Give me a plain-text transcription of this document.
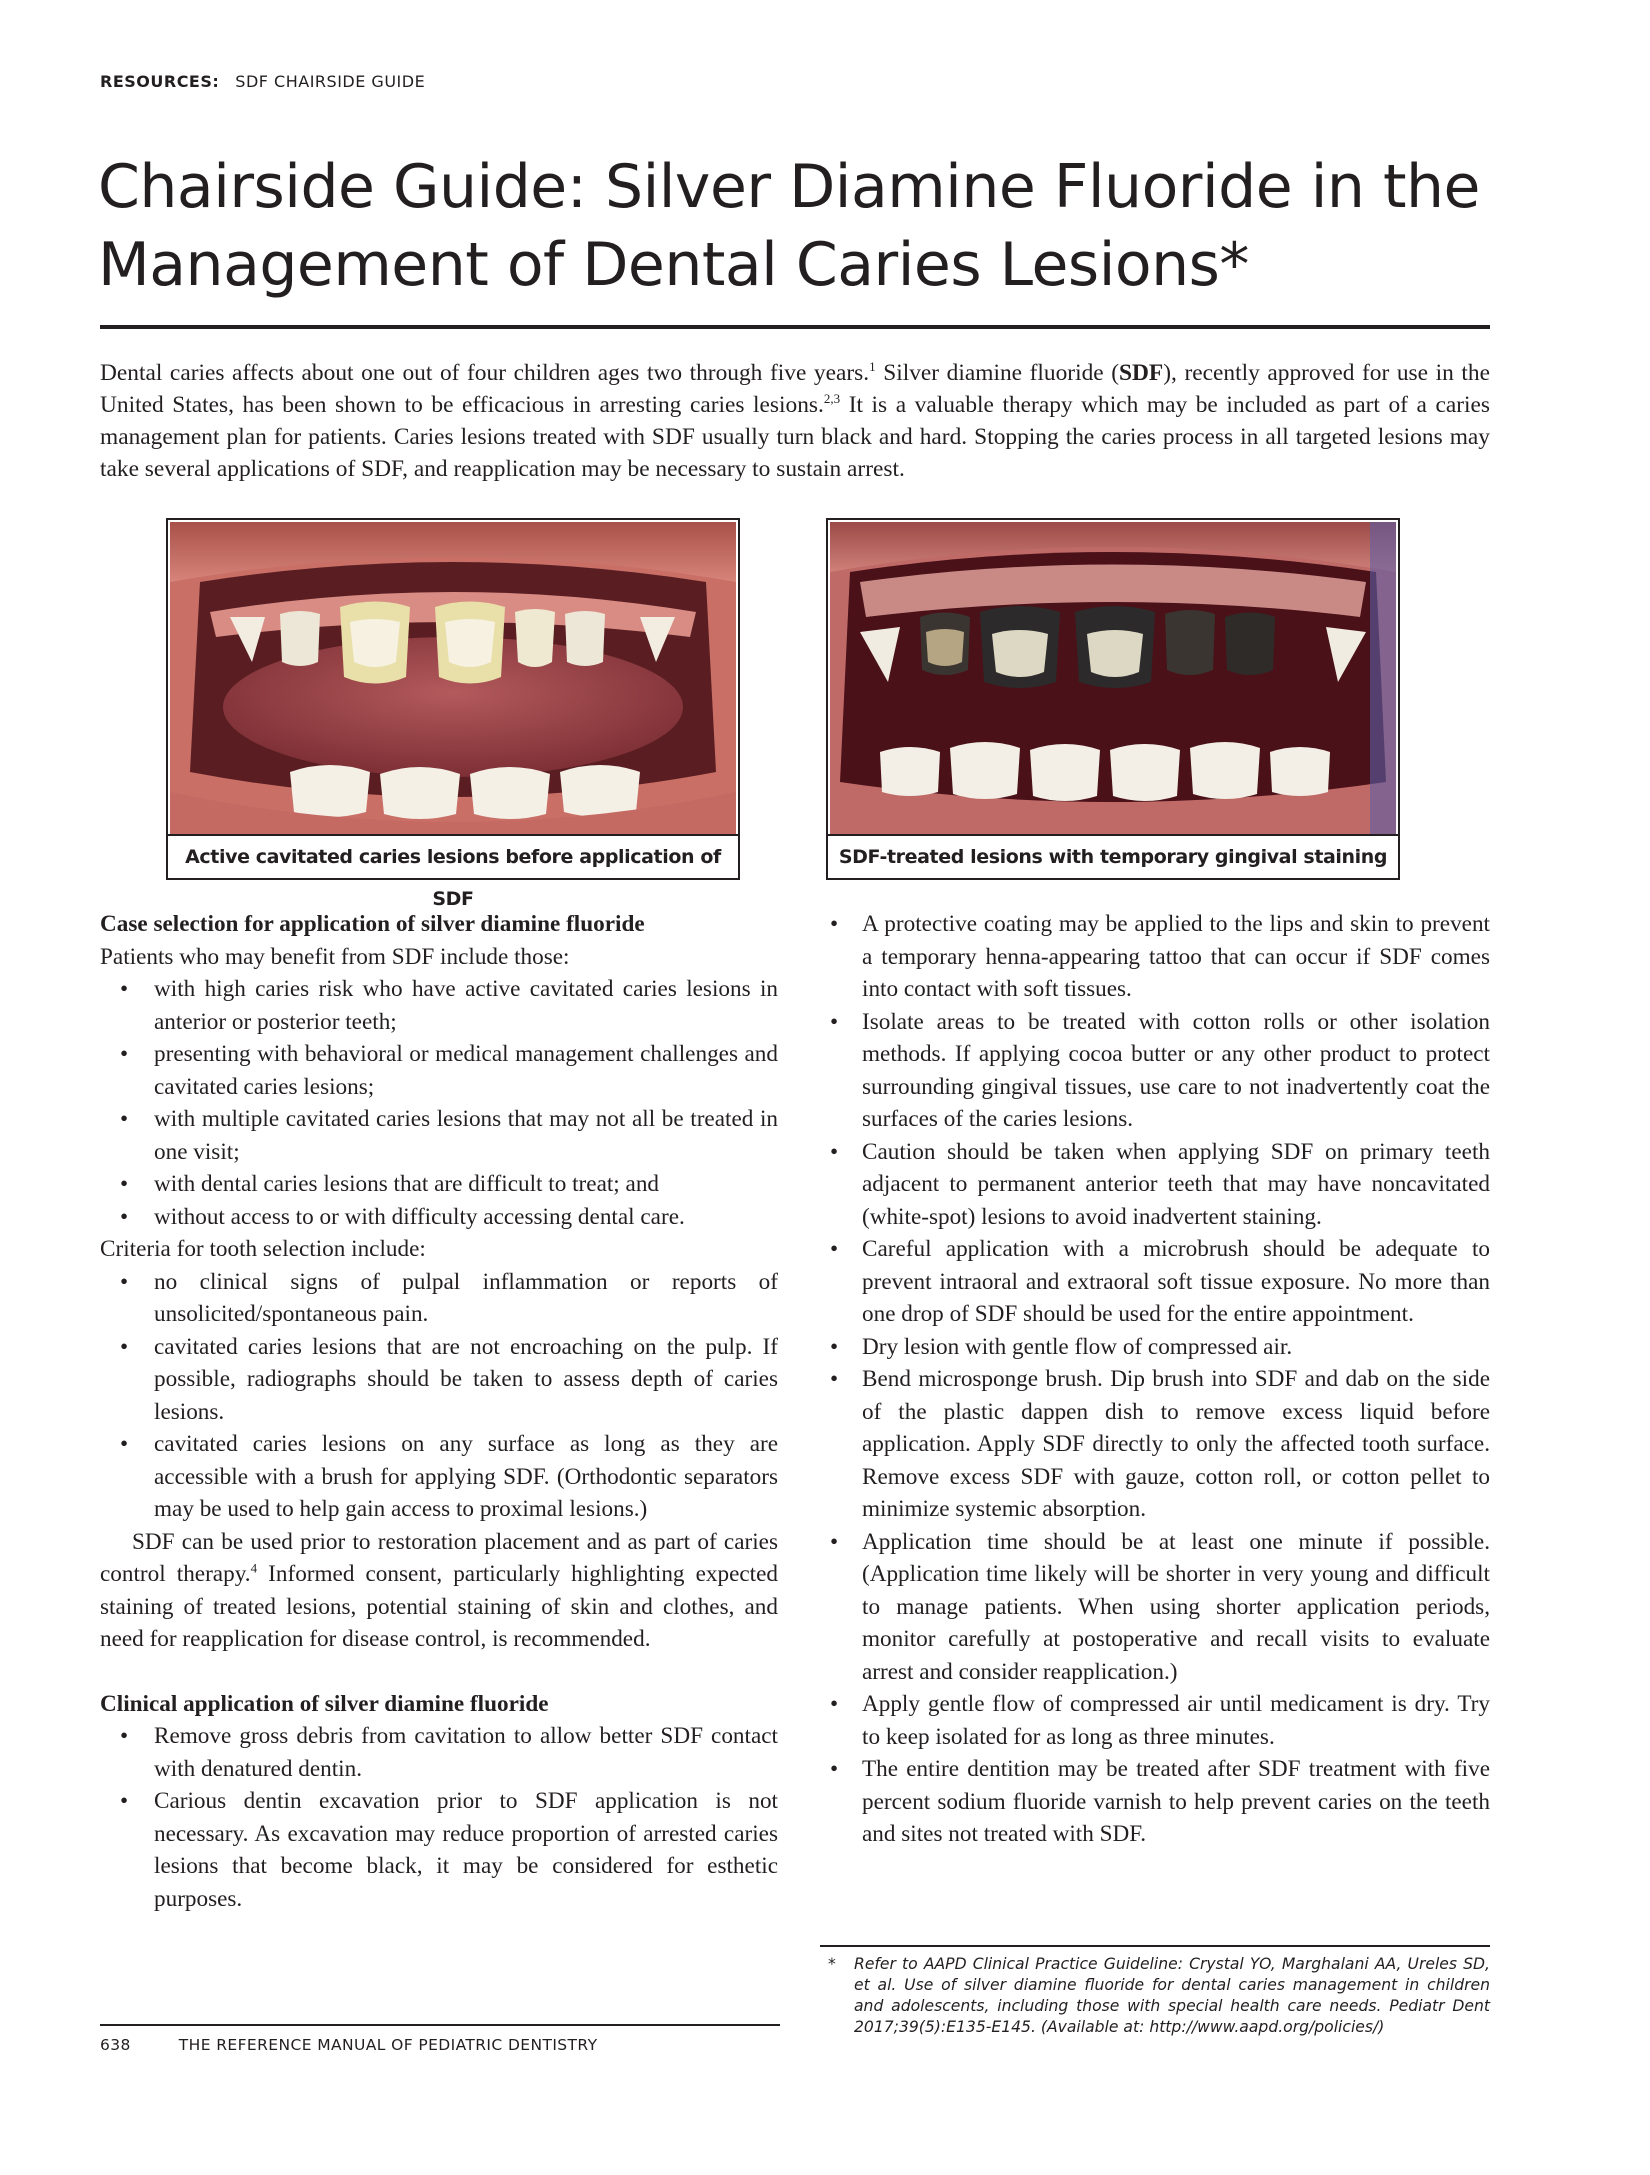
RESOURCES: SDF CHAIRSIDE GUIDE
Chairside Guide: Silver Diamine Fluoride in the
Management of Dental Caries Lesions*

Dental caries affects about one out of four children ages two through five years.$^1$ Silver diamine fluoride (SDF), recently approved for use in the United States, has been shown to be efficacious in arresting caries lesions.$^{2,3}$ It is a valuable therapy which may be included as part of a caries management plan for patients. Caries lesions treated with SDF usually turn black and hard. Stopping the caries process in all targeted lesions may take several applications of SDF, and reapplication may be necessary to sustain arrest.

Active cavitated caries lesions before application of SDF
SDF-treated lesions with temporary gingival staining
Case selection for application of silver diamine fluoride

Patients who may benefit from SDF include those:

• with high caries risk who have active cavitated caries lesions in anterior or posterior teeth;
• presenting with behavioral or medical management challenges and cavitated caries lesions;
• with multiple cavitated caries lesions that may not all be treated in one visit;
• with dental caries lesions that are difficult to treat; and
• without access to or with difficulty accessing dental care.

Criteria for tooth selection include:

• no clinical signs of pulpal inflammation or reports of unsolicited/spontaneous pain.
• cavitated caries lesions that are not encroaching on the pulp. If possible, radiographs should be taken to assess depth of caries lesions.
• cavitated caries lesions on any surface as long as they are accessible with a brush for applying SDF. (Orthodontic separators may be used to help gain access to proximal lesions.)

SDF can be used prior to restoration placement and as part of caries control therapy.$^4$ Informed consent, particularly highlighting expected staining of treated lesions, potential staining of skin and clothes, and need for reapplication for disease control, is recommended.

Clinical application of silver diamine fluoride
• Remove gross debris from cavitation to allow better SDF contact with denatured dentin.
• Carious dentin excavation prior to SDF application is not necessary. As excavation may reduce proportion of arrested caries lesions that become black, it may be considered for esthetic purposes.
• A protective coating may be applied to the lips and skin to prevent a temporary henna-appearing tattoo that can occur if SDF comes into contact with soft tissues.
• Isolate areas to be treated with cotton rolls or other isolation methods. If applying cocoa butter or any other product to protect surrounding gingival tissues, use care to not inadvertently coat the surfaces of the caries lesions.
• Caution should be taken when applying SDF on primary teeth adjacent to permanent anterior teeth that may have noncavitated (white-spot) lesions to avoid inadvertent staining.
• Careful application with a microbrush should be adequate to prevent intraoral and extraoral soft tissue exposure. No more than one drop of SDF should be used for the entire appointment.
• Dry lesion with gentle flow of compressed air.
• Bend microsponge brush. Dip brush into SDF and dab on the side of the plastic dappen dish to remove excess liquid before application. Apply SDF directly to only the affected tooth surface. Remove excess SDF with gauze, cotton roll, or cotton pellet to minimize systemic absorption.
• Application time should be at least one minute if possible. (Application time likely will be shorter in very young and difficult to manage patients. When using shorter application periods, monitor carefully at postoperative and recall visits to evaluate arrest and consider reapplication.)
• Apply gentle flow of compressed air until medicament is dry. Try to keep isolated for as long as three minutes.
• The entire dentition may be treated after SDF treatment with five percent sodium fluoride varnish to help prevent caries on the teeth and sites not treated with SDF.

* Refer to AAPD Clinical Practice Guideline: Crystal YO, Marghalani AA, Ureles SD, et al. Use of silver diamine fluoride for dental caries management in children and adolescents, including those with special health care needs. Pediatr Dent 2017;39(5):E135-E145. (Available at: http://www.aapd.org/policies/)

638	THE REFERENCE MANUAL OF PEDIATRIC DENTISTRY
